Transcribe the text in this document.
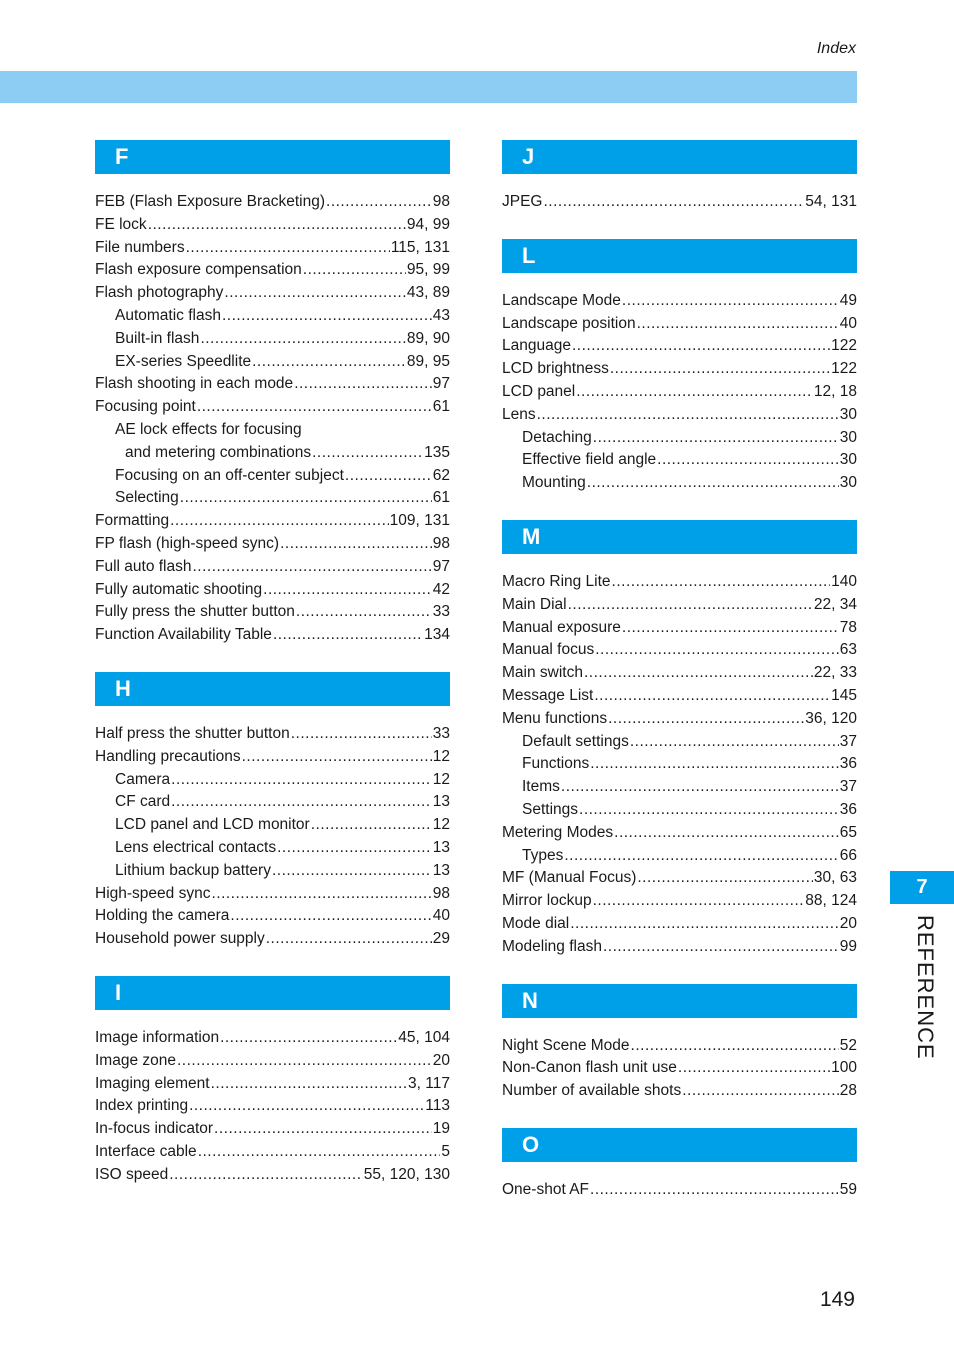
Index
F
FEB (Flash Exposure Bracketing) .....	98
FE lock .....	94, 99
File numbers .....	115, 131
Flash exposure compensation .....	95, 99
Flash photography .....	43, 89
Automatic flash .....	43
Built-in flash .....	89, 90
EX-series Speedlite .....	89, 95
Flash shooting in each mode .....	97
Focusing point .....	61
AE lock effects for focusing
and metering combinations .....	135
Focusing on an off-center subject .....	62
Selecting .....	61
Formatting .....	109, 131
FP flash (high-speed sync) .....	98
Full auto flash .....	97
Fully automatic shooting .....	42
Fully press the shutter button .....	33
Function Availability Table .....	134
H
Half press the shutter button .....	33
Handling precautions .....	12
Camera .....	12
CF card .....	13
LCD panel and LCD monitor .....	12
Lens electrical contacts .....	13
Lithium backup battery .....	13
High-speed sync .....	98
Holding the camera .....	40
Household power supply .....	29
I
Image information .....	45, 104
Image zone .....	20
Imaging element .....	3, 117
Index printing .....	113
In-focus indicator .....	19
Interface cable .....	5
ISO speed .....	55, 120, 130
J
JPEG .....	54, 131
L
Landscape Mode .....	49
Landscape position .....	40
Language .....	122
LCD brightness .....	122
LCD panel .....	12, 18
Lens .....	30
Detaching .....	30
Effective field angle .....	30
Mounting .....	30
M
Macro Ring Lite .....	140
Main Dial .....	22, 34
Manual exposure .....	78
Manual focus .....	63
Main switch .....	22, 33
Message List .....	145
Menu functions .....	36, 120
Default settings .....	37
Functions .....	36
Items .....	37
Settings .....	36
Metering Modes .....	65
Types .....	66
MF (Manual Focus) .....	30, 63
Mirror lockup .....	88, 124
Mode dial .....	20
Modeling flash .....	99
N
Night Scene Mode .....	52
Non-Canon flash unit use .....	100
Number of available shots .....	28
O
One-shot AF .....	59
7
REFERENCE
149
